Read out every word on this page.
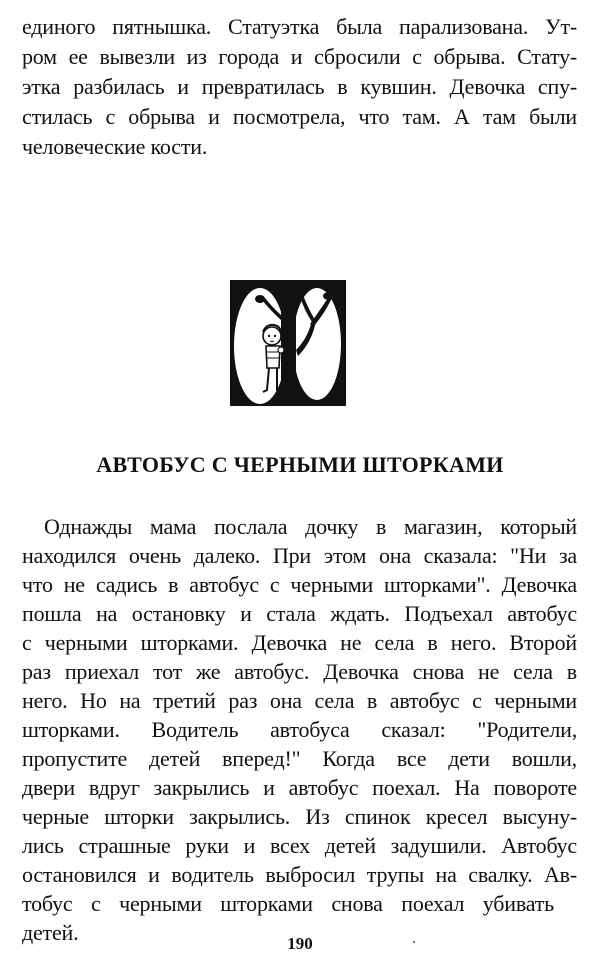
единого пятнышка. Статуэтка была парализована. Ут-
ром ее вывезли из города и сбросили с обрыва. Стату-
этка разбилась и превратилась в кувшин. Девочка спу-
стилась с обрыва и посмотрела, что там. А там были
человеческие кости.
АВТОБУС С ЧЕРНЫМИ ШТОРКАМИ
Однажды мама послала дочку в магазин, который
находился очень далеко. При этом она сказала: "Ни за
что не садись в автобус с черными шторками". Девочка
пошла на остановку и стала ждать. Подъехал автобус
с черными шторками. Девочка не села в него. Второй
раз приехал тот же автобус. Девочка снова не села в
него. Но на третий раз она села в автобус с черными
шторками. Водитель автобуса сказал: "Родители,
пропустите детей вперед!" Когда все дети вошли,
двери вдруг закрылись и автобус поехал. На повороте
черные шторки закрылись. Из спинок кресел высуну-
лись страшные руки и всех детей задушили. Автобус
остановился и водитель выбросил трупы на свалку. Ав-
тобус с черными шторками снова поехал убивать
детей.	190
